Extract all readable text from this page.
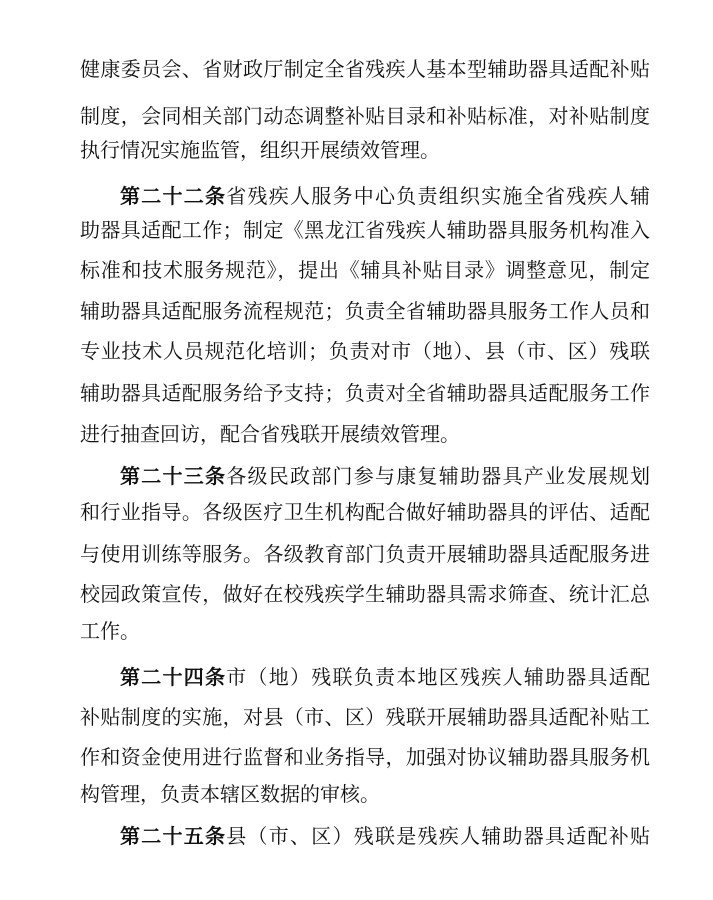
健康委员会、省财政厅制定全省残疾人基本型辅助器具适配补贴
制度，会同相关部门动态调整补贴目录和补贴标准，对补贴制度
执行情况实施监管，组织开展绩效管理。
第二十二条省残疾人服务中心负责组织实施全省残疾人辅
助器具适配工作；制定《黑龙江省残疾人辅助器具服务机构准入
标准和技术服务规范》，提出《辅具补贴目录》调整意见，制定
辅助器具适配服务流程规范；负责全省辅助器具服务工作人员和
专业技术人员规范化培训；负责对市（地）、县（市、区）残联
辅助器具适配服务给予支持；负责对全省辅助器具适配服务工作
进行抽查回访，配合省残联开展绩效管理。
第二十三条各级民政部门参与康复辅助器具产业发展规划
和行业指导。各级医疗卫生机构配合做好辅助器具的评估、适配
与使用训练等服务。各级教育部门负责开展辅助器具适配服务进
校园政策宣传，做好在校残疾学生辅助器具需求筛查、统计汇总
工作。
第二十四条市（地）残联负责本地区残疾人辅助器具适配
补贴制度的实施，对县（市、区）残联开展辅助器具适配补贴工
作和资金使用进行监督和业务指导，加强对协议辅助器具服务机
构管理，负责本辖区数据的审核。
第二十五条县（市、区）残联是残疾人辅助器具适配补贴
